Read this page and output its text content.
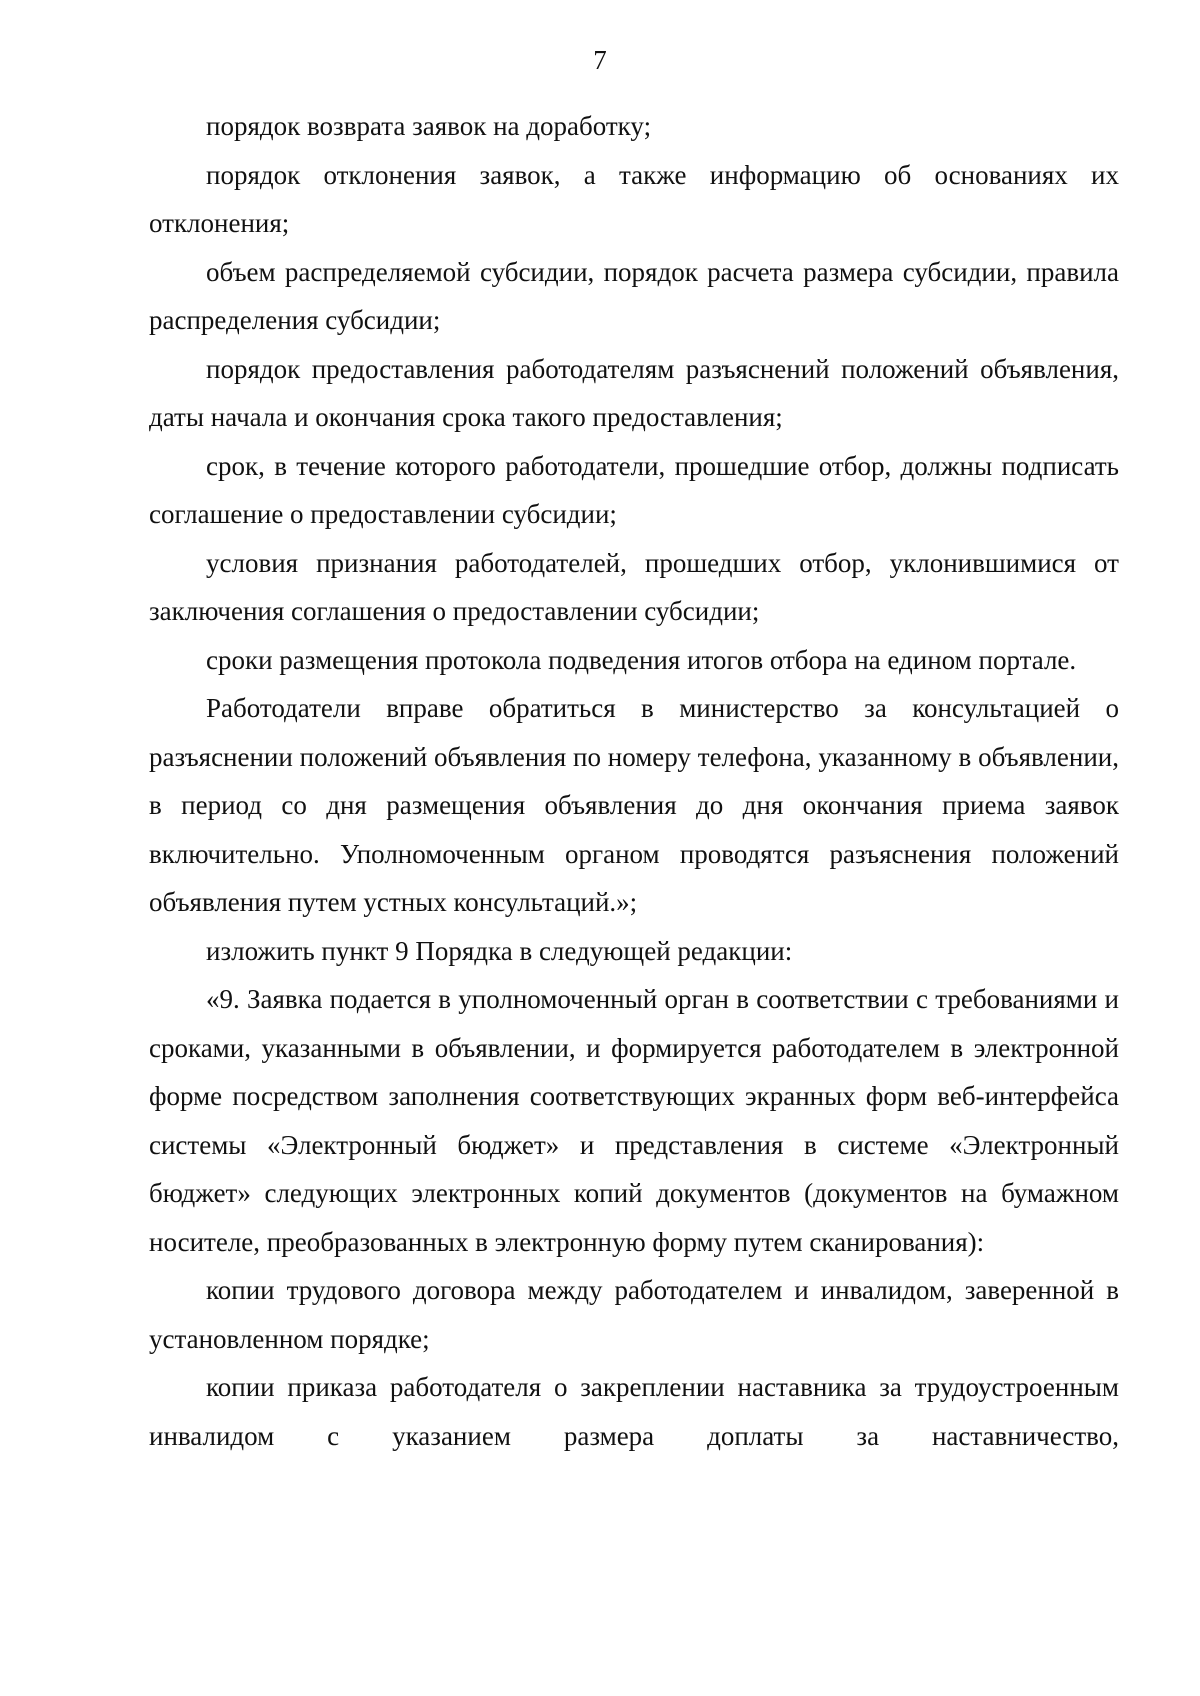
7

порядок возврата заявок на доработку;

порядок отклонения заявок, а также информацию об основаниях их отклонения;

объем распределяемой субсидии, порядок расчета размера субсидии, правила распределения субсидии;

порядок предоставления работодателям разъяснений положений объявления, даты начала и окончания срока такого предоставления;

срок, в течение которого работодатели, прошедшие отбор, должны подписать соглашение о предоставлении субсидии;

условия признания работодателей, прошедших отбор, уклонившимися от заключения соглашения о предоставлении субсидии;

сроки размещения протокола подведения итогов отбора на едином портале.

Работодатели вправе обратиться в министерство за консультацией о разъяснении положений объявления по номеру телефона, указанному в объявлении, в период со дня размещения объявления до дня окончания приема заявок включительно. Уполномоченным органом проводятся разъяснения положений объявления путем устных консультаций.»;

изложить пункт 9 Порядка в следующей редакции:

«9. Заявка подается в уполномоченный орган в соответствии с требованиями и сроками, указанными в объявлении, и формируется работодателем в электронной форме посредством заполнения соответствующих экранных форм веб-интерфейса системы «Электронный бюджет» и представления в системе «Электронный бюджет» следующих электронных копий документов (документов на бумажном носителе, преобразованных в электронную форму путем сканирования):

копии трудового договора между работодателем и инвалидом, заверенной в установленном порядке;

копии приказа работодателя о закреплении наставника за трудоустроенным инвалидом с указанием размера доплаты за наставничество,
